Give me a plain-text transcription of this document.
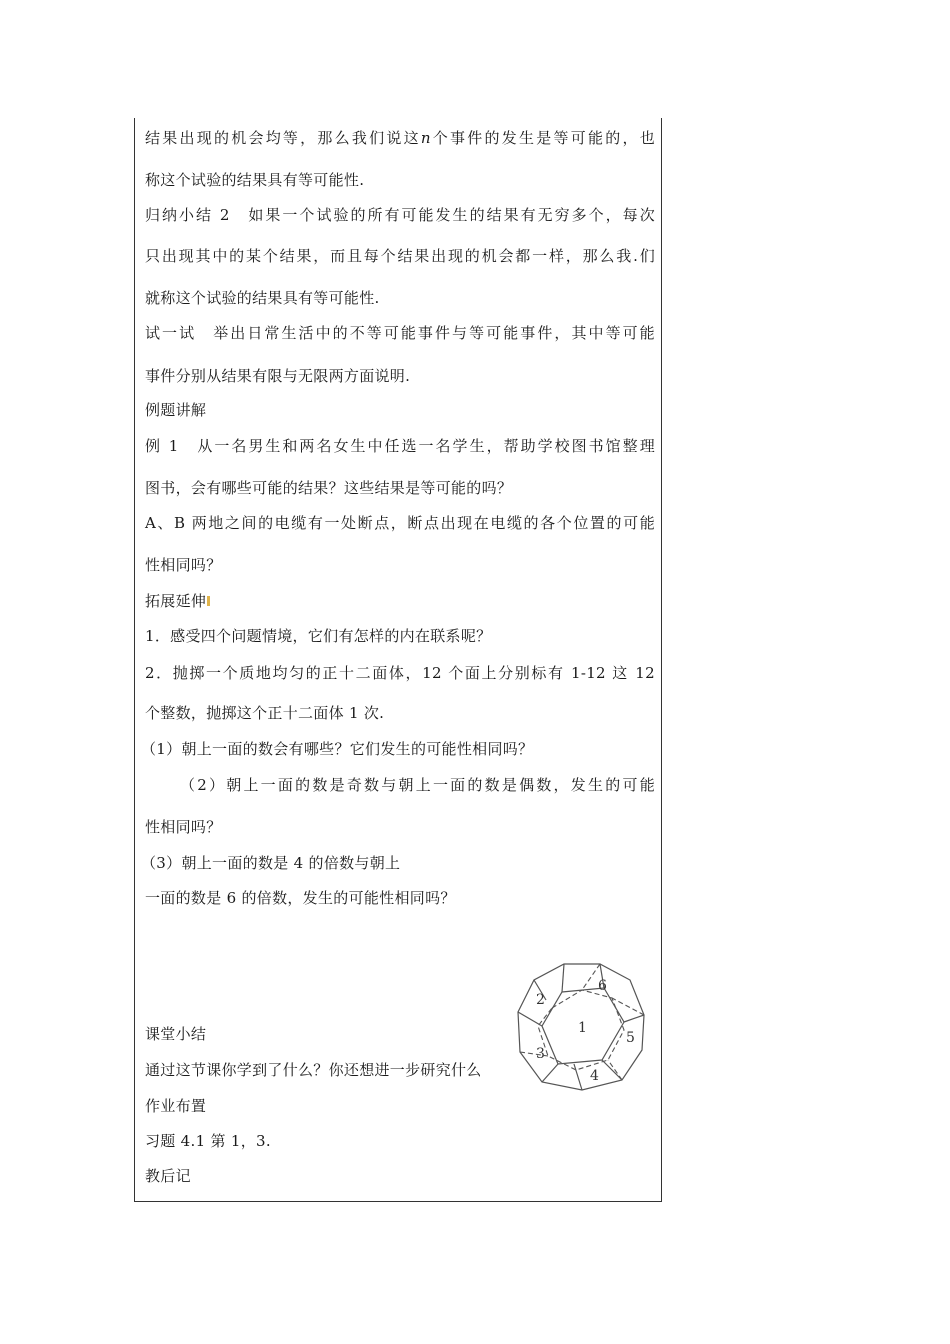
结果出现的机会均等，那么我们说这n个事件的发生是等可能的，也
称这个试验的结果具有等可能性.
归纳小结 2　如果一个试验的所有可能发生的结果有无穷多个，每次
只出现其中的某个结果，而且每个结果出现的机会都一样，那么我.们
就称这个试验的结果具有等可能性.
试一试　举出日常生活中的不等可能事件与等可能事件，其中等可能
事件分别从结果有限与无限两方面说明.
例题讲解
例 1　从一名男生和两名女生中任选一名学生，帮助学校图书馆整理
图书，会有哪些可能的结果？这些结果是等可能的吗？
A、B 两地之间的电缆有一处断点，断点出现在电缆的各个位置的可能
性相同吗？
拓展延伸
1．感受四个问题情境，它们有怎样的内在联系呢？
2．抛掷一个质地均匀的正十二面体，12 个面上分别标有 1-12 这 12
个整数，抛掷这个正十二面体 1 次.
（1）朝上一面的数会有哪些？它们发生的可能性相同吗？
（2）朝上一面的数是奇数与朝上一面的数是偶数，发生的可能
性相同吗？
（3）朝上一面的数是 4 的倍数与朝上
一面的数是 6 的倍数，发生的可能性相同吗？
课堂小结
通过这节课你学到了什么？你还想进一步研究什么
作业布置
习题 4.1 第 1，3.
教后记
1
2
3
4
5
6
